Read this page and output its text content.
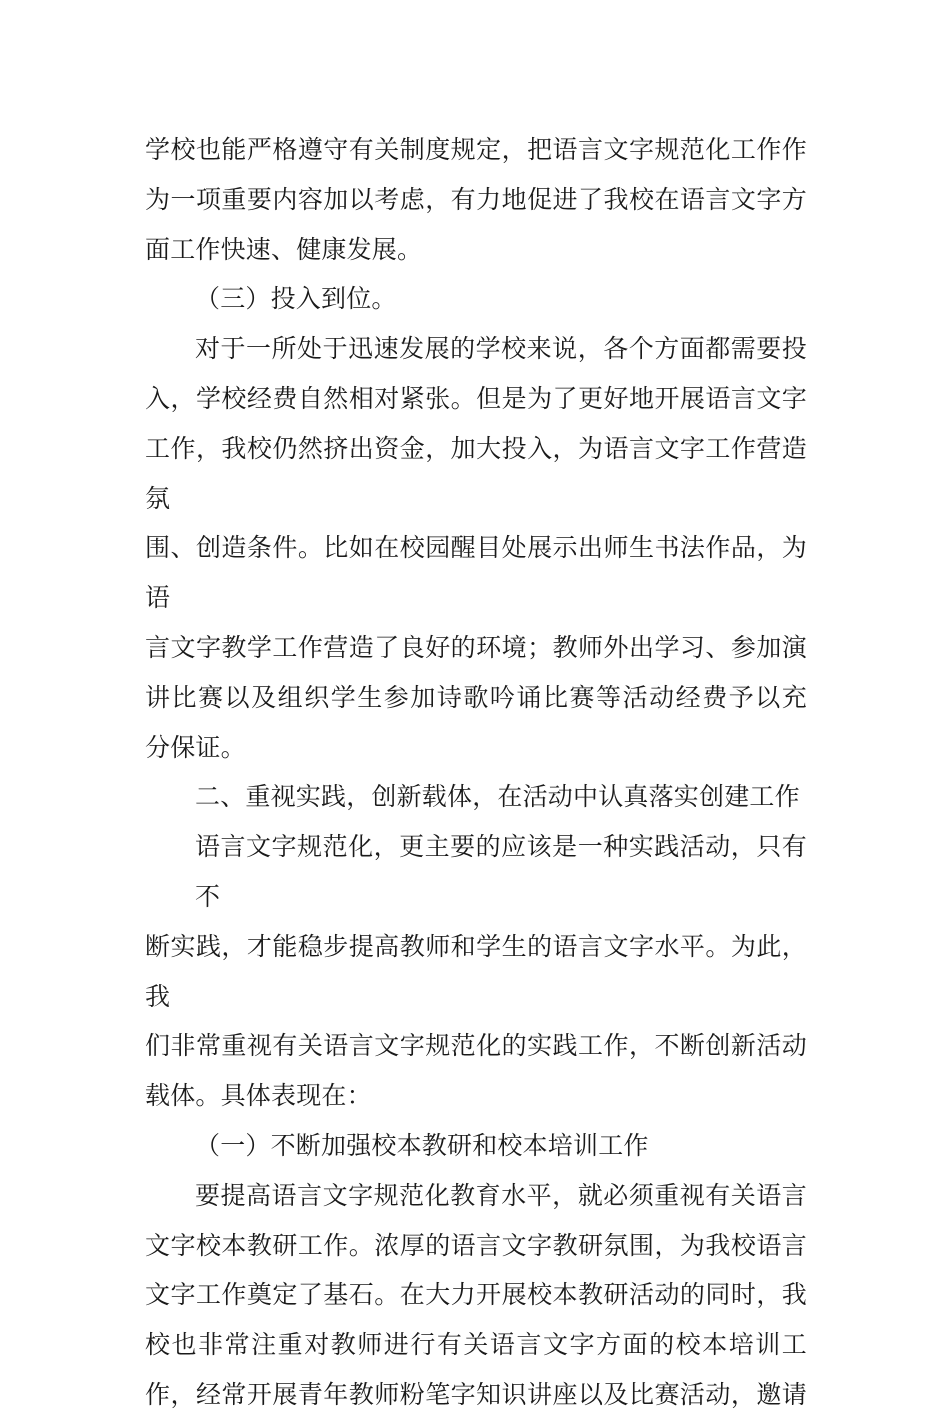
学校也能严格遵守有关制度规定，把语言文字规范化工作作
为一项重要内容加以考虑，有力地促进了我校在语言文字方
面工作快速、健康发展。
（三）投入到位。
对于一所处于迅速发展的学校来说，各个方面都需要投
入，学校经费自然相对紧张。但是为了更好地开展语言文字
工作，我校仍然挤出资金，加大投入，为语言文字工作营造氛
围、创造条件。比如在校园醒目处展示出师生书法作品，为语
言文字教学工作营造了良好的环境；教师外出学习、参加演
讲比赛以及组织学生参加诗歌吟诵比赛等活动经费予以充
分保证。
二、重视实践，创新载体，在活动中认真落实创建工作
语言文字规范化，更主要的应该是一种实践活动，只有不
断实践，才能稳步提高教师和学生的语言文字水平。为此，我
们非常重视有关语言文字规范化的实践工作，不断创新活动
载体。具体表现在：
（一）不断加强校本教研和校本培训工作
要提高语言文字规范化教育水平，就必须重视有关语言
文字校本教研工作。浓厚的语言文字教研氛围，为我校语言
文字工作奠定了基石。在大力开展校本教研活动的同时，我
校也非常注重对教师进行有关语言文字方面的校本培训工
作，经常开展青年教师粉笔字知识讲座以及比赛活动，邀请
